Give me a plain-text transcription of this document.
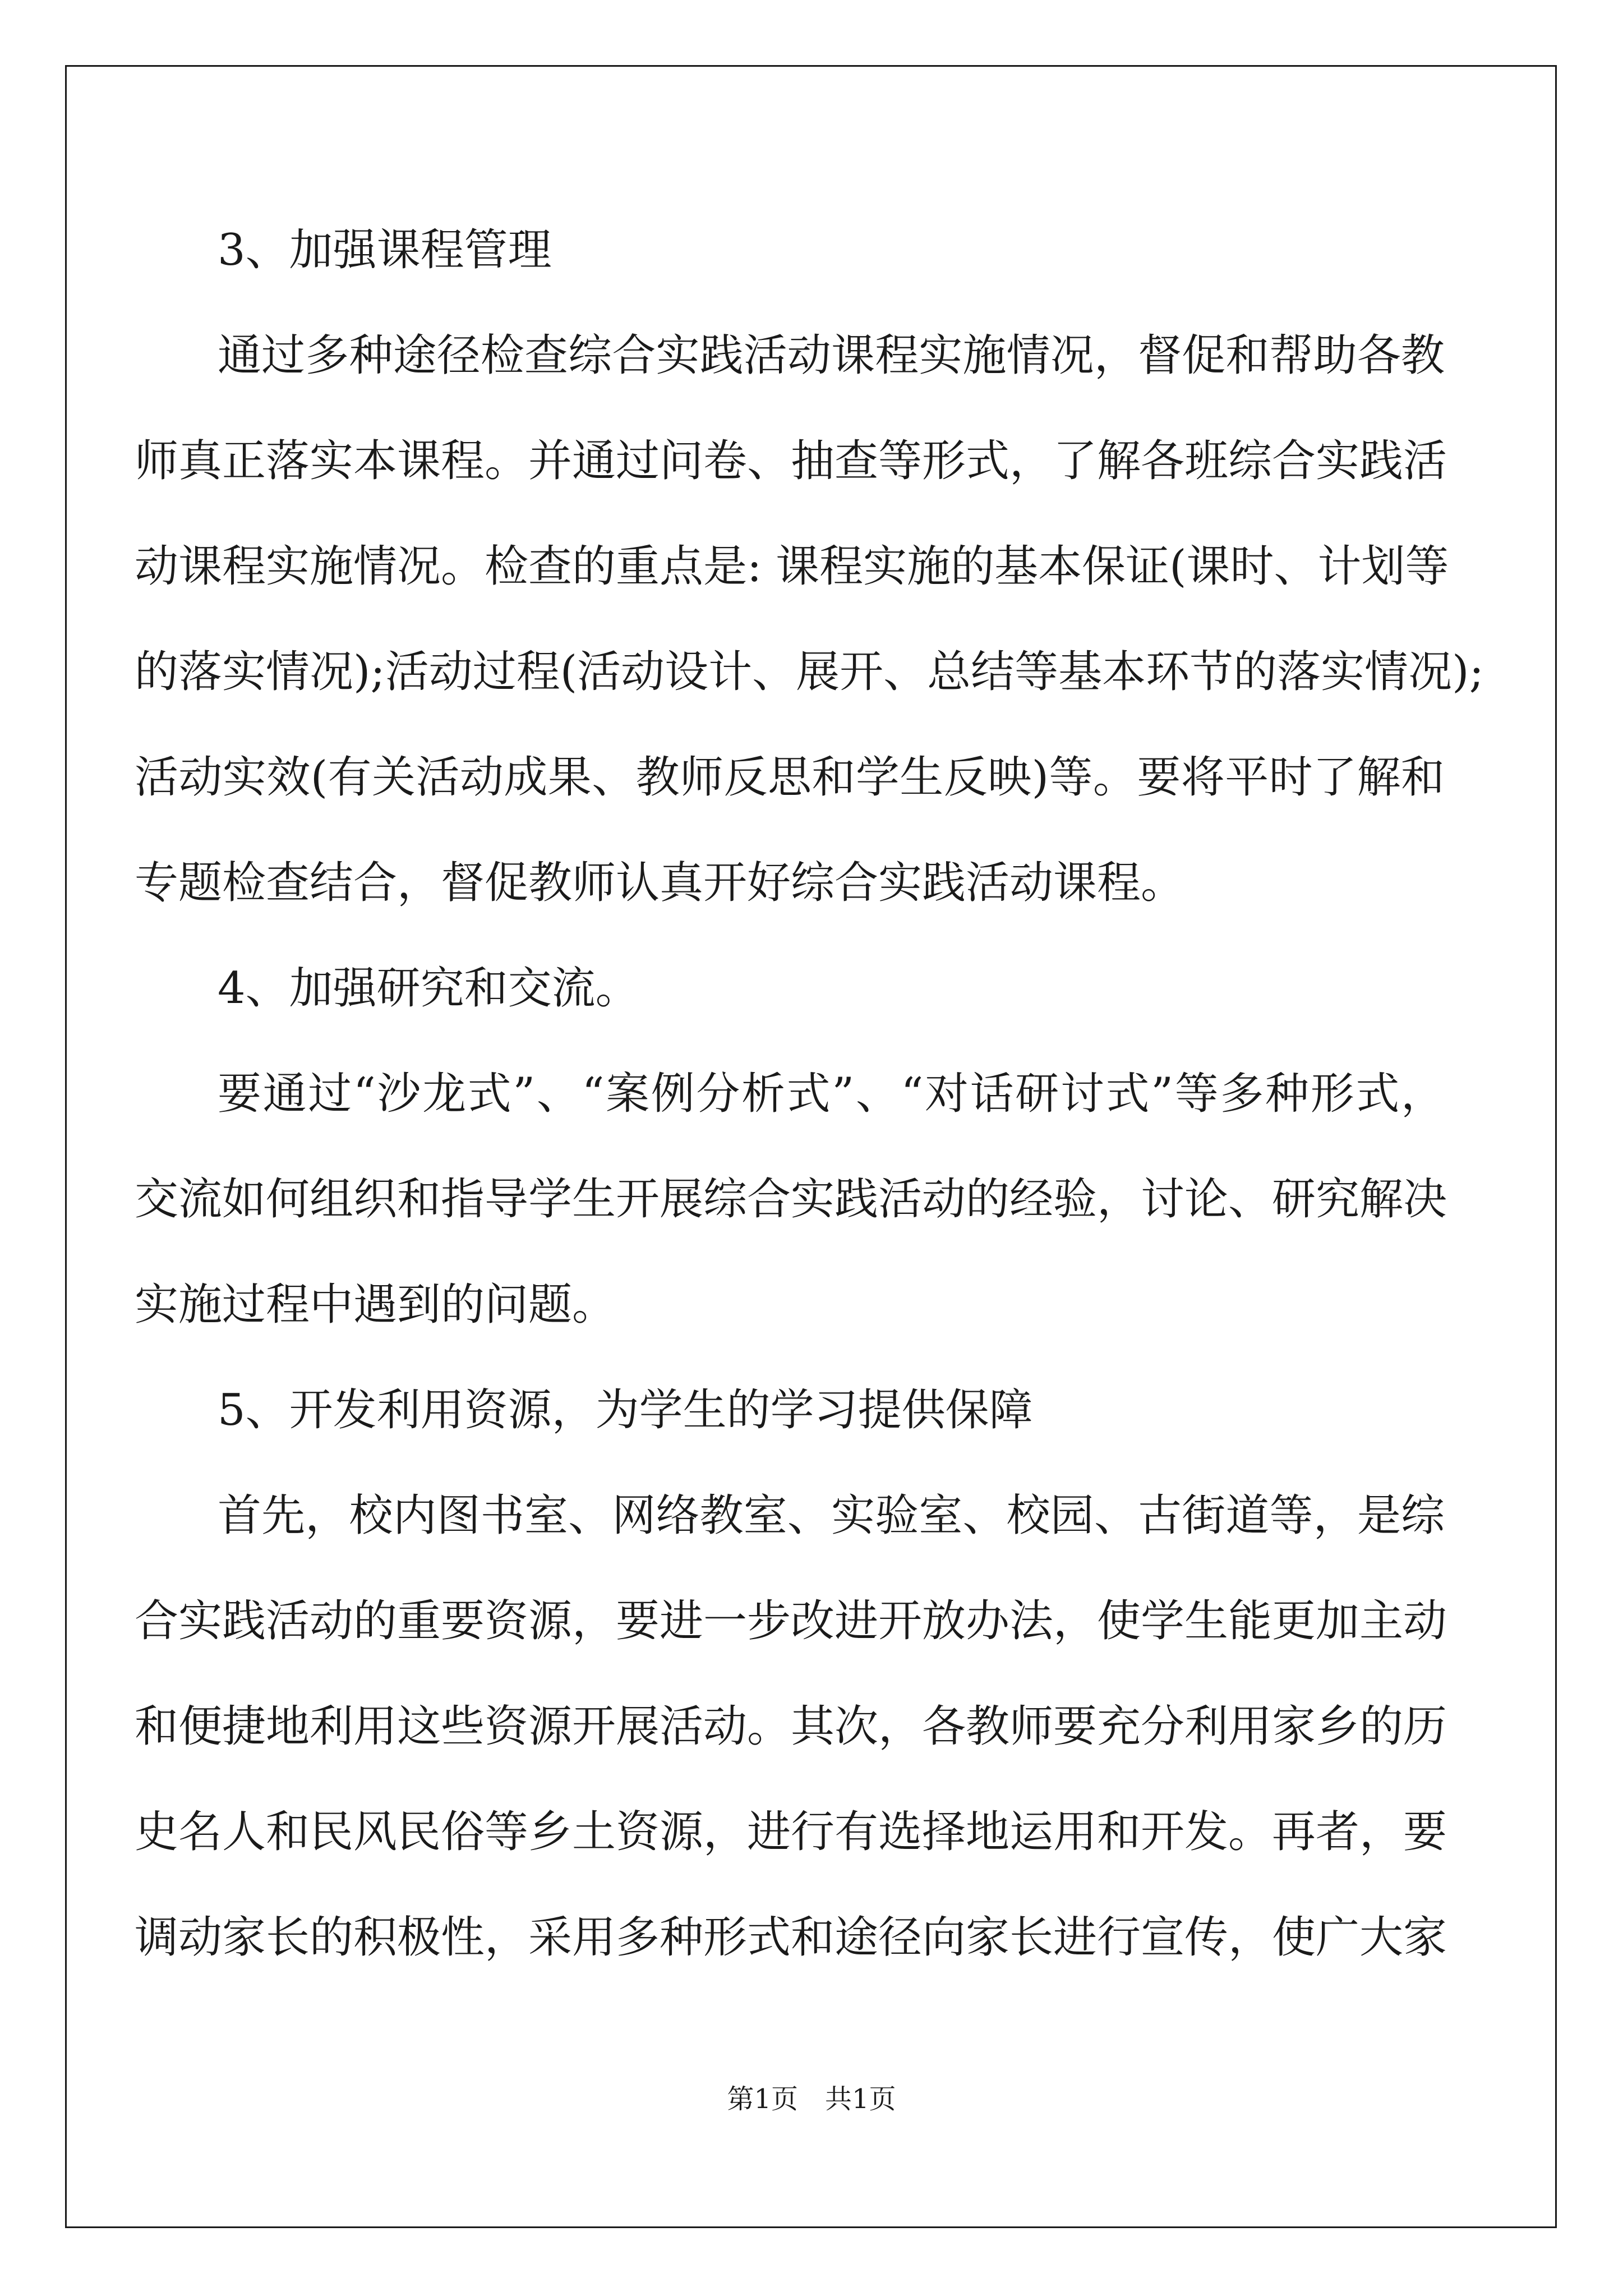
3、加强课程管理
通过多种途径检查综合实践活动课程实施情况，督促和帮助各教
师真正落实本课程。并通过问卷、抽查等形式，了解各班综合实践活
动课程实施情况。检查的重点是: 课程实施的基本保证(课时、计划等
的落实情况);活动过程(活动设计、展开、总结等基本环节的落实情况);
活动实效(有关活动成果、教师反思和学生反映)等。要将平时了解和
专题检查结合，督促教师认真开好综合实践活动课程。
4、加强研究和交流。
要通过“沙龙式”、“案例分析式”、“对话研讨式”等多种形式，
交流如何组织和指导学生开展综合实践活动的经验，讨论、研究解决
实施过程中遇到的问题。
5、开发利用资源，为学生的学习提供保障
首先，校内图书室、网络教室、实验室、校园、古街道等，是综
合实践活动的重要资源，要进一步改进开放办法，使学生能更加主动
和便捷地利用这些资源开展活动。其次，各教师要充分利用家乡的历
史名人和民风民俗等乡土资源，进行有选择地运用和开发。再者，要
调动家长的积极性，采用多种形式和途径向家长进行宣传，使广大家
第1页 共1页
